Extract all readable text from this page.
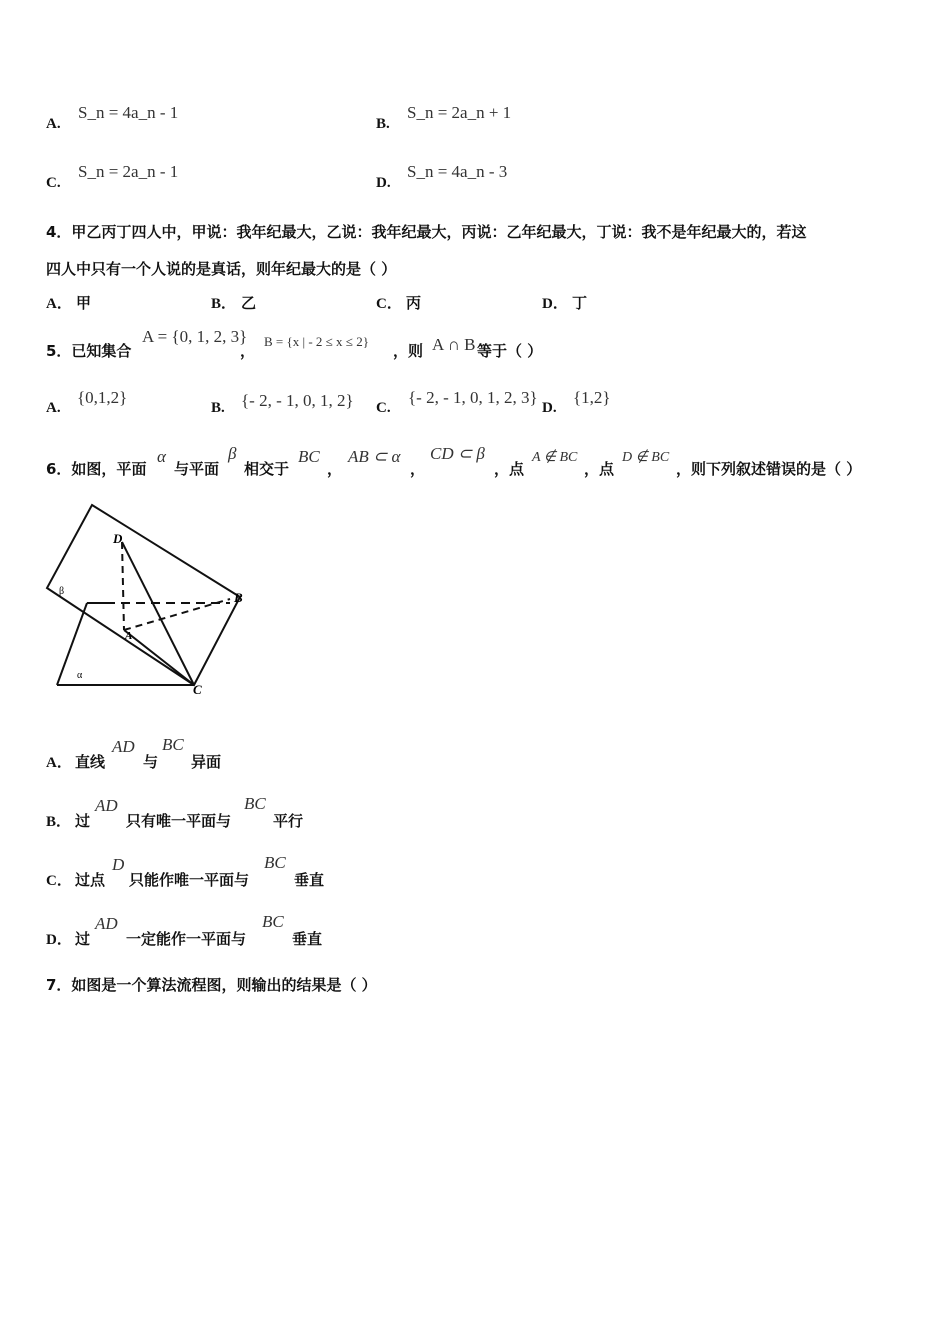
A.
S_n = 4a_n - 1
B.
S_n = 2a_n + 1
C.
S_n = 2a_n - 1
D.
S_n = 4a_n - 3
4．甲乙丙丁四人中，甲说：我年纪最大，乙说：我年纪最大，丙说：乙年纪最大，丁说：我不是年纪最大的，若这
四人中只有一个人说的是真话，则年纪最大的是（ ）
A． 甲	B． 乙	C． 丙	D． 丁
5．已知集合
A = {0, 1, 2, 3}
，
B = {x | - 2 ≤ x ≤ 2}
，则 A ∩ B 等于（ ）
A.
{0,1,2}
B. {- 2, - 1, 0, 1, 2} C.
{- 2, - 1, 0, 1, 2, 3}
D.
{1,2}
6．如图，平面
α
与平面
β
相交于
BC
，
AB ⊂ α
，
CD ⊂ β
，点
A ∉ BC
，点
D ∉ BC
，则下列叙述错误的是（ ）
D
B
A
C
α
β
A． 直线
AD
与
BC
异面
B． 过
AD
只有唯一平面与
BC
平行
C． 过点
D
只能作唯一平面与
BC
垂直
D． 过
AD
一定能作一平面与
BC
垂直
7．如图是一个算法流程图，则输出的结果是（ ）
